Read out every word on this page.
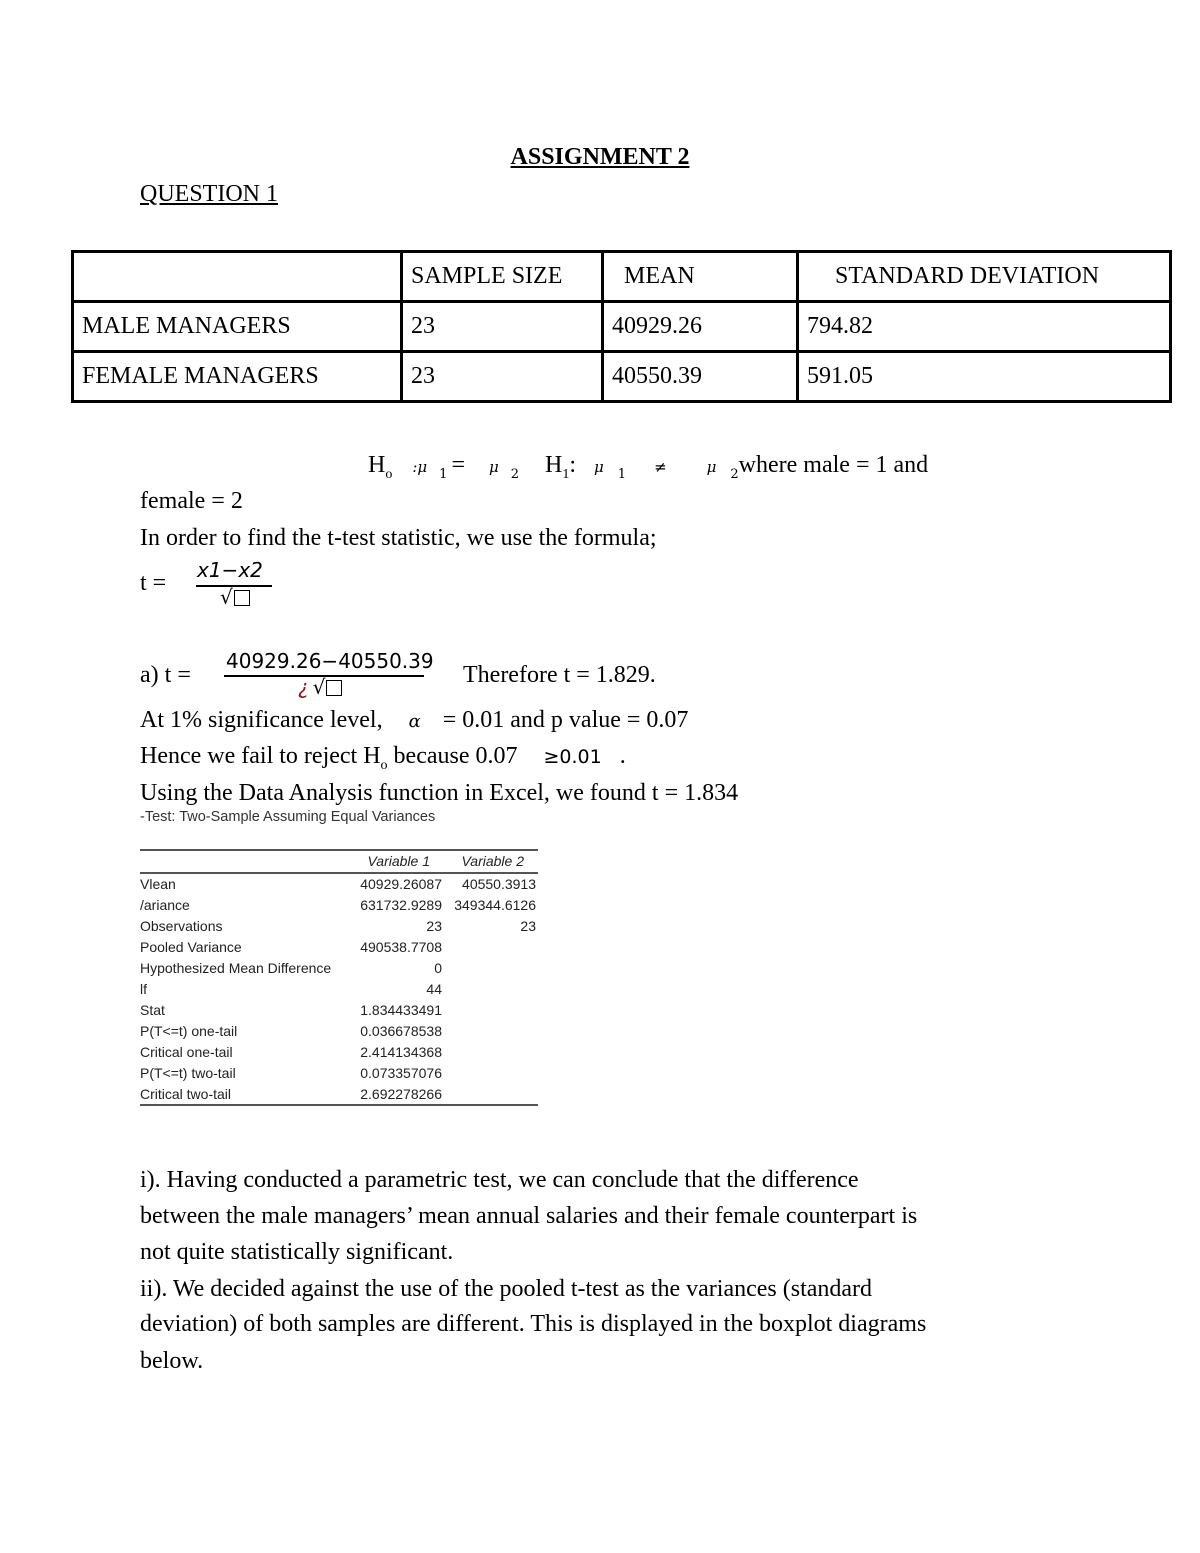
ASSIGNMENT 2
QUESTION 1
	SAMPLE SIZE	MEAN	STANDARD DEVIATION
MALE MANAGERS	23	40929.26	794.82
FEMALE MANAGERS	23	40550.39	591.05
$H_o$ :μ $_1$ = μ $_2$ $H_1$: μ $_1$ ≠	μ $_2$where male = 1 and
female = 2
In order to find the t-test statistic, we use the formula;
t = x1−x2
√
a) t =
40929.26−40550.39
¿ √	Therefore t = 1.829.
At 1% significance level, α = 0.01 and p value = 0.07
Hence we fail to reject $H_o$ because 0.07 ≥0.01 .
Using the Data Analysis function in Excel, we found t = 1.834
-Test: Two-Sample Assuming Equal Variances
Variable 1 Variable 2
Vlean	40929.26087 40550.3913
/ariance	631732.9289 349344.6126
Observations	23	23
Pooled Variance	490538.7708
Hypothesized Mean Difference	0
lf	44
Stat	1.834433491
P(T<=t) one-tail	0.036678538
Critical one-tail	2.414134368
P(T<=t) two-tail	0.073357076
Critical two-tail	2.692278266
i). Having conducted a parametric test, we can conclude that the difference
between the male managers’ mean annual salaries and their female counterpart is
not quite statistically significant.
ii). We decided against the use of the pooled t-test as the variances (standard
deviation) of both samples are different. This is displayed in the boxplot diagrams
below.
